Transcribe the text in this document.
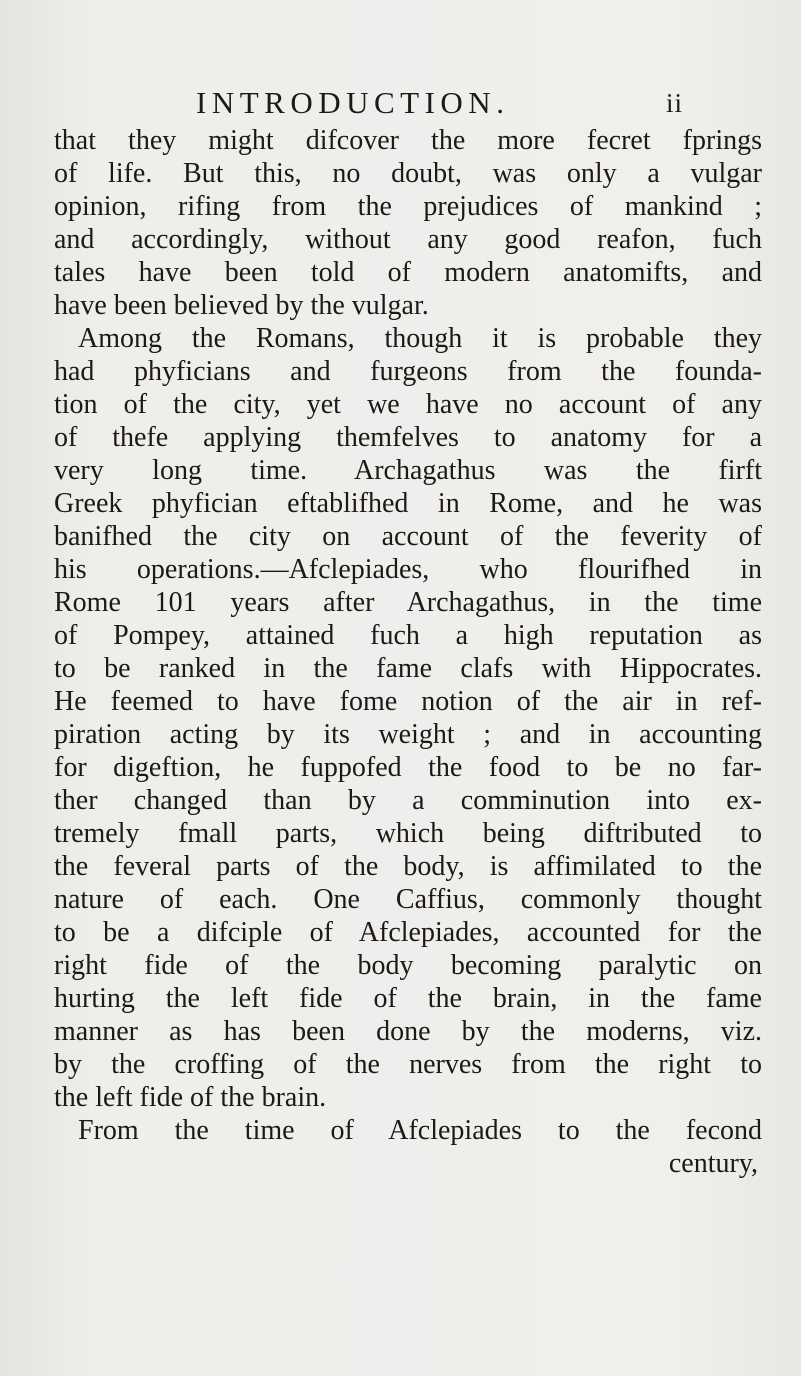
INTRODUCTION.	ii
that they might difcover the more fecret fprings
of life. But this, no doubt, was only a vulgar
opinion, rifing from the prejudices of mankind ;
and accordingly, without any good reafon, fuch
tales have been told of modern anatomifts, and
have been believed by the vulgar.
Among the Romans, though it is probable they
had phyficians and furgeons from the founda-
tion of the city, yet we have no account of any
of thefe applying themfelves to anatomy for a
very long time. Archagathus was the firft
Greek phyfician eftablifhed in Rome, and he was
banifhed the city on account of the feverity of
his operations.—Afclepiades, who flourifhed in
Rome 101 years after Archagathus, in the time
of Pompey, attained fuch a high reputation as
to be ranked in the fame clafs with Hippocrates.
He feemed to have fome notion of the air in ref-
piration acting by its weight ; and in accounting
for digeftion, he fuppofed the food to be no far-
ther changed than by a comminution into ex-
tremely fmall parts, which being diftributed to
the feveral parts of the body, is affimilated to the
nature of each. One Caffius, commonly thought
to be a difciple of Afclepiades, accounted for the
right fide of the body becoming paralytic on
hurting the left fide of the brain, in the fame
manner as has been done by the moderns, viz.
by the croffing of the nerves from the right to
the left fide of the brain.
From the time of Afclepiades to the fecond
century,
